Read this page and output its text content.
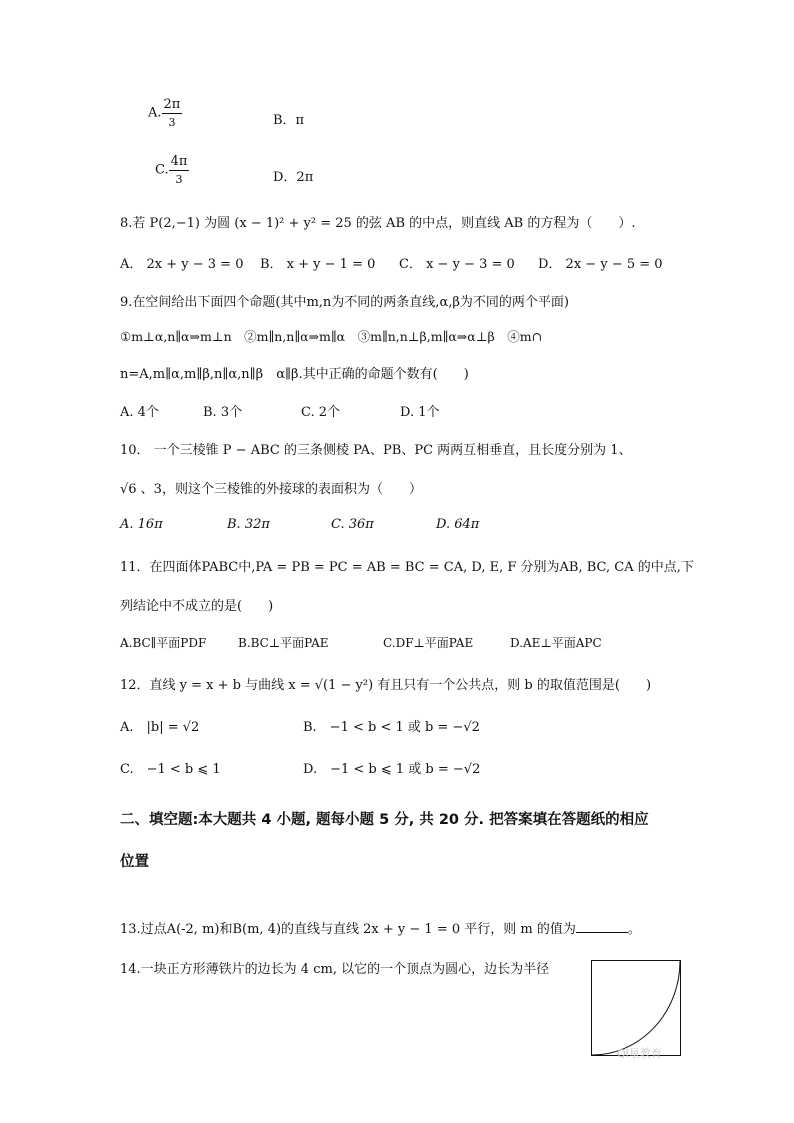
A. $\frac{2\pi}{3}$	B．π
C. $\frac{4\pi}{3}$	D．2π
8.若 P(2,−1) 为圆 (x − 1)² + y² = 25 的弦 AB 的中点，则直线 AB 的方程为（　　）.
A． 2x + y − 3 = 0 B． x + y − 1 = 0 C． x − y − 3 = 0 D． 2x − y − 5 = 0
9.在空间给出下面四个命题(其中m,n为不同的两条直线,α,β为不同的两个平面)
①m⊥α,n∥α⇒m⊥n　②m∥n,n∥α⇒m∥α　③m∥n,n⊥β,m∥α⇒α⊥β　④m∩
n=A,m∥α,m∥β,n∥α,n∥β　α∥β.其中正确的命题个数有(　　)
A. 4个	B. 3个	C. 2个	D. 1个
10． 一个三棱锥 P − ABC 的三条侧棱 PA、PB、PC 两两互相垂直，且长度分别为 1、
√6 、3，则这个三棱锥的外接球的表面积为（　　）
A. 16π	B. 32π	C. 36π	D. 64π
11．在四面体PABC中,PA = PB = PC = AB = BC = CA, D, E, F 分别为AB, BC, CA 的中点,下
列结论中不成立的是(　　)
A.BC∥平面PDF	B.BC⊥平面PAE	C.DF⊥平面PAE	D.AE⊥平面APC
12．直线 y = x + b 与曲线 x = √(1 − y²) 有且只有一个公共点，则 b 的取值范围是(　　)
A.　|b| = √2	B.　−1 < b < 1 或 b = −√2
C.　−1 < b ⩽ 1	D.　−1 < b ⩽ 1 或 b = −√2
二、填空题:本大题共 4 小题, 题每小题 5 分, 共 20 分. 把答案填在答题纸的相应
位置
13.过点A(-2, m)和B(m, 4)的直线与直线 2x + y − 1 = 0 平行，则 m 的值为	。
14.一块正方形薄铁片的边长为 4 cm, 以它的一个顶点为圆心，边长为半径
QI星教育
